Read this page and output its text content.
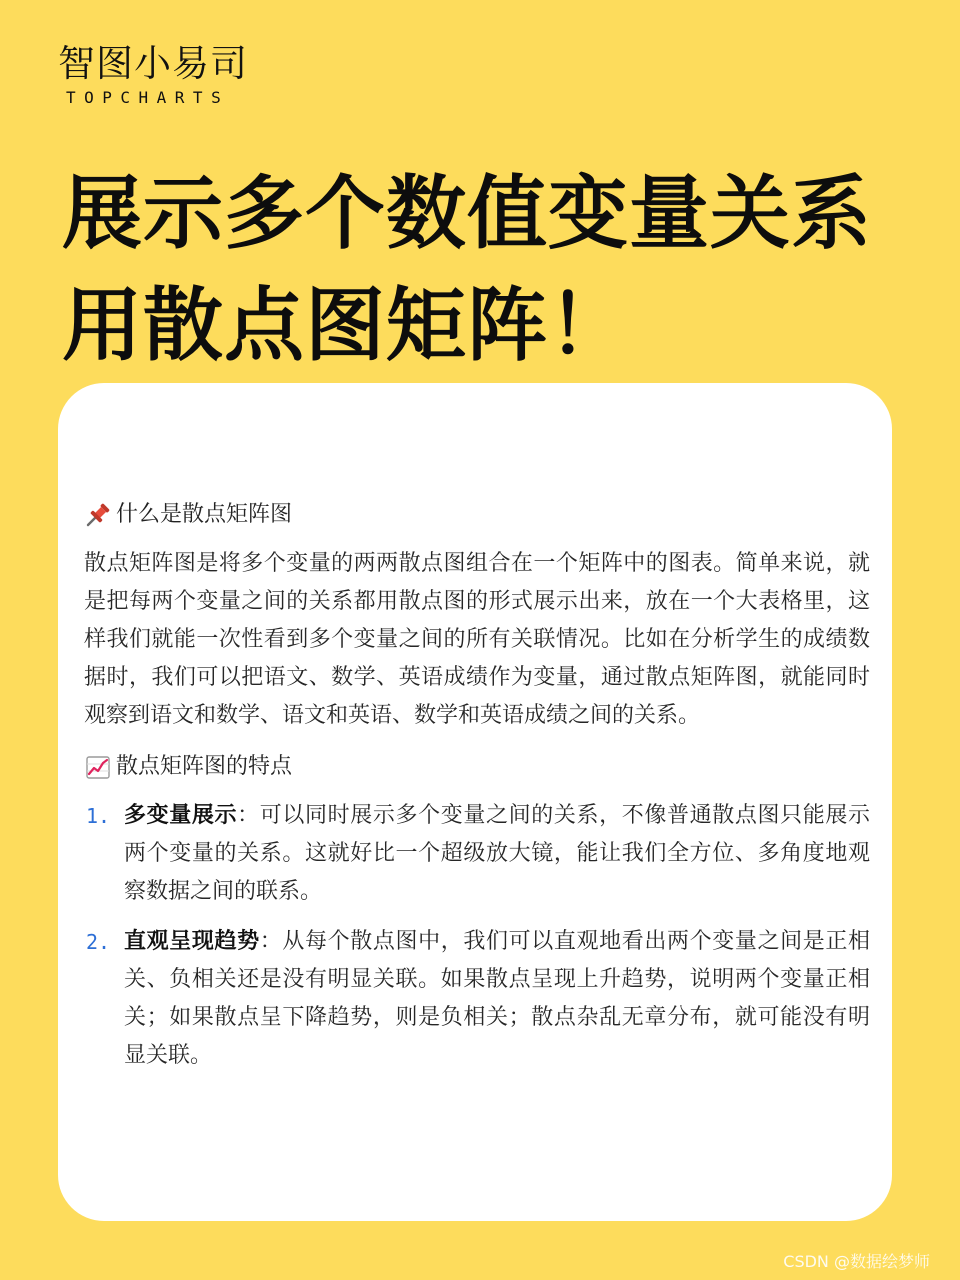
智图小易司
TOPCHARTS
展示多个数值变量关系
用散点图矩阵！
什么是散点矩阵图

散点矩阵图是将多个变量的两两散点图组合在一个矩阵中的图表。简单来说，就是把每两个变量之间的关系都用散点图的形式展示出来，放在一个大表格里，这样我们就能一次性看到多个变量之间的所有关联情况。比如在分析学生的成绩数据时，我们可以把语文、数学、英语成绩作为变量，通过散点矩阵图，就能同时观察到语文和数学、语文和英语、数学和英语成绩之间的关系。

散点矩阵图的特点
1. 多变量展示：可以同时展示多个变量之间的关系，不像普通散点图只能展示两个变量的关系。这就好比一个超级放大镜，能让我们全方位、多角度地观察数据之间的联系。
2. 直观呈现趋势：从每个散点图中，我们可以直观地看出两个变量之间是正相关、负相关还是没有明显关联。如果散点呈现上升趋势，说明两个变量正相关；如果散点呈下降趋势，则是负相关；散点杂乱无章分布，就可能没有明显关联。
CSDN @数据绘梦师
